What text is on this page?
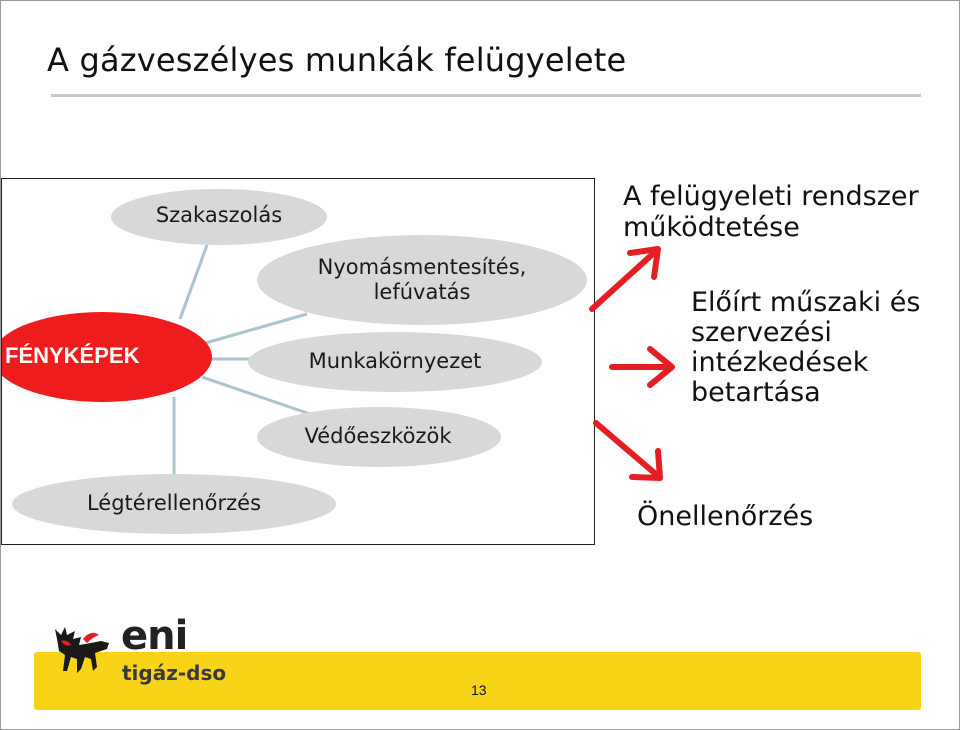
A gázveszélyes munkák felügyelete
Szakaszolás
Nyomásmentesítés,
lefúvatás
Munkakörnyezet
Védőeszközök
Légtérellenőrzés
FÉNYKÉPEK
A felügyeleti rendszer
működtetése
Előírt műszaki és
szervezési
intézkedések
betartása
Önellenőrzés
13
eni
tigáz-dso
